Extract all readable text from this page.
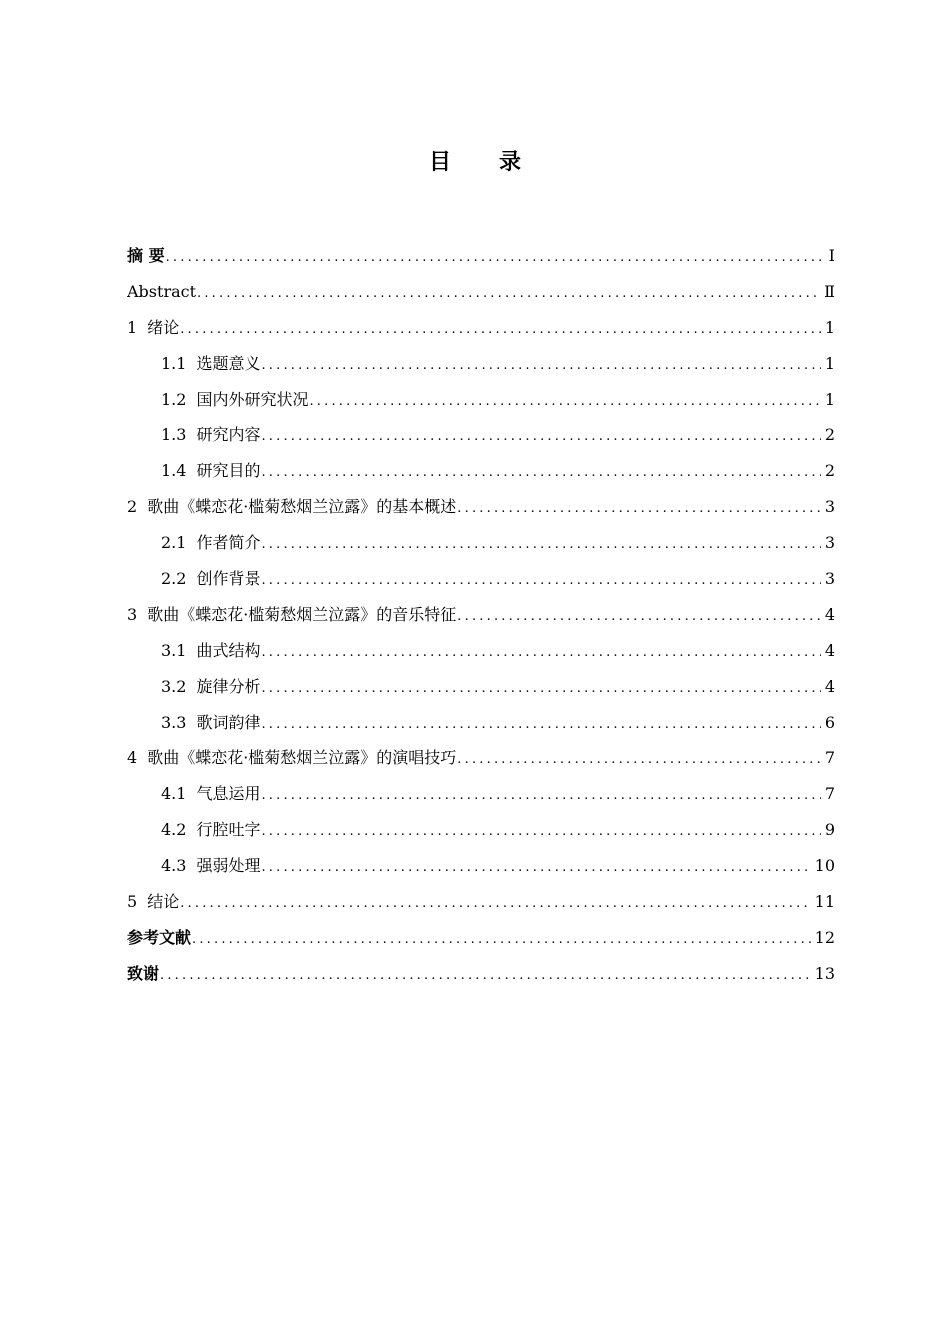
目 录
摘 要 .....	Ⅰ
Abstract .....	Ⅱ
1 绪论 .....	1
1.1 选题意义 .....	1
1.2 国内外研究状况 .....	1
1.3 研究内容 .....	2
1.4 研究目的 .....	2
2 歌曲《蝶恋花·槛菊愁烟兰泣露》的基本概述 .....	3
2.1 作者简介 .....	3
2.2 创作背景 .....	3
3 歌曲《蝶恋花·槛菊愁烟兰泣露》的音乐特征 .....	4
3.1 曲式结构 .....	4
3.2 旋律分析 .....	4
3.3 歌词韵律 .....	6
4 歌曲《蝶恋花·槛菊愁烟兰泣露》的演唱技巧 .....	7
4.1 气息运用 .....	7
4.2 行腔吐字 .....	9
4.3 强弱处理 .....	10
5 结论 .....	11
参考文献 .....	12
致谢 .....	13
